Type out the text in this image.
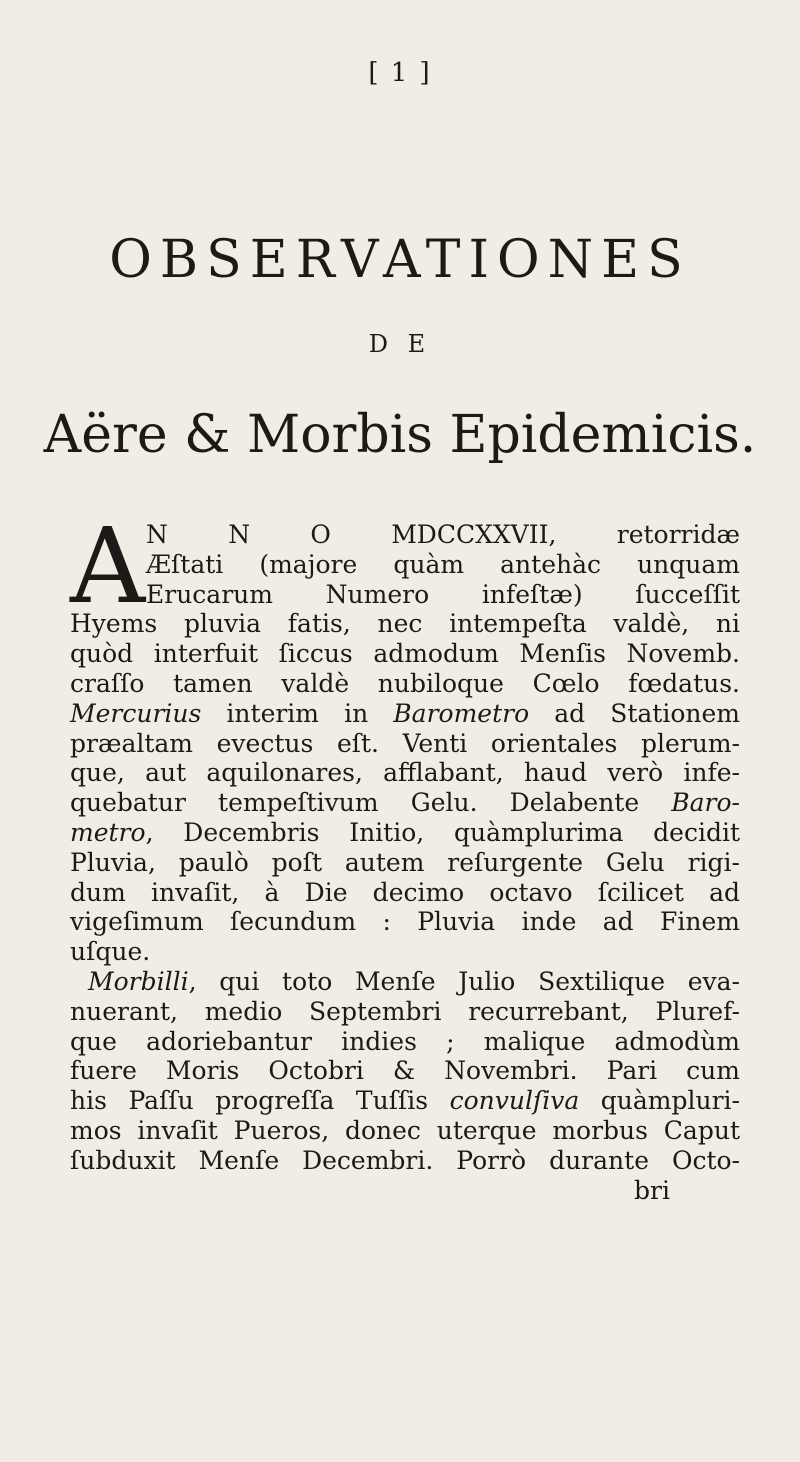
[ 1 ]
OBSERVATIONES
D E
Aëre & Morbis Epidemicis.
A N N O MDCCXXVII, retorridæ
Æſtati (majore quàm antehàc unquam
Erucarum Numero infeſtæ) ſucceſſit
Hyems pluvia fatis, nec intempeſta valdè, ni
quòd interfuit ſiccus admodum Menſis Novemb.
craſſo tamen valdè nubiloque Cœlo fœdatus.
Mercurius interim in Barometro ad Stationem
præaltam evectus eſt. Venti orientales plerum-
que, aut aquilonares, afflabant, haud verò infe-
quebatur tempeſtivum Gelu. Delabente Baro-
metro, Decembris Initio, quàmplurima decidit
Pluvia, paulò poſt autem reſurgente Gelu rigi-
dum invaſit, à Die decimo octavo ſcilicet ad
vigeſimum ſecundum : Pluvia inde ad Finem
uſque.
Morbilli, qui toto Menſe Julio Sextilique eva-
nuerant, medio Septembri recurrebant, Pluref-
que adoriebantur indies ; malique admodùm
fuere Moris Octobri & Novembri. Pari cum
his Paſſu progreſſa Tuſſis convulſiva quàmpluri-
mos invaſit Pueros, donec uterque morbus Caput
ſubduxit Menſe Decembri. Porrò durante Octo-
bri
